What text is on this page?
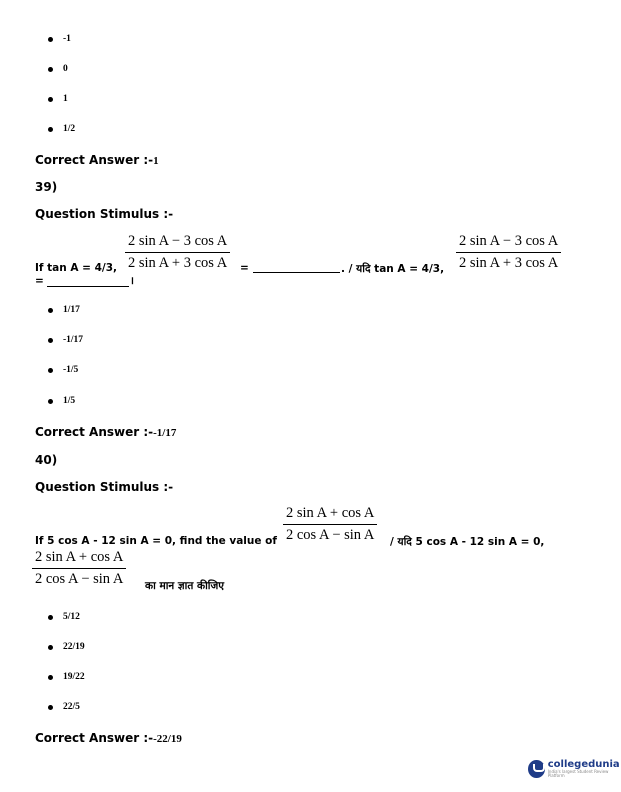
-1
0
1
1/2
Correct Answer :-1
39)
Question Stimulus :-
If tan A = 4/3, $\frac{\text{2 sin A − 3 cos A}}{\text{2 sin A + 3 cos A}}$ =	. / यदि tan A = 4/3, $\frac{\text{2 sin A − 3 cos A}}{\text{2 sin A + 3 cos A}}$
=	।
1/17
-1/17
-1/5
1/5
Correct Answer :--1/17
40)
Question Stimulus :-
If 5 cos A - 12 sin A = 0, find the value of $\frac{\text{2 sin A + cos A}}{\text{2 cos A − sin A}}$ / यदि 5 cos A - 12 sin A = 0,
$\frac{\text{2 sin A + cos A}}{\text{2 cos A − sin A}}$ का मान ज्ञात कीजिए
5/12
22/19
19/22
22/5
Correct Answer :--22/19
collegedunia
India's largest Student Review Platform
